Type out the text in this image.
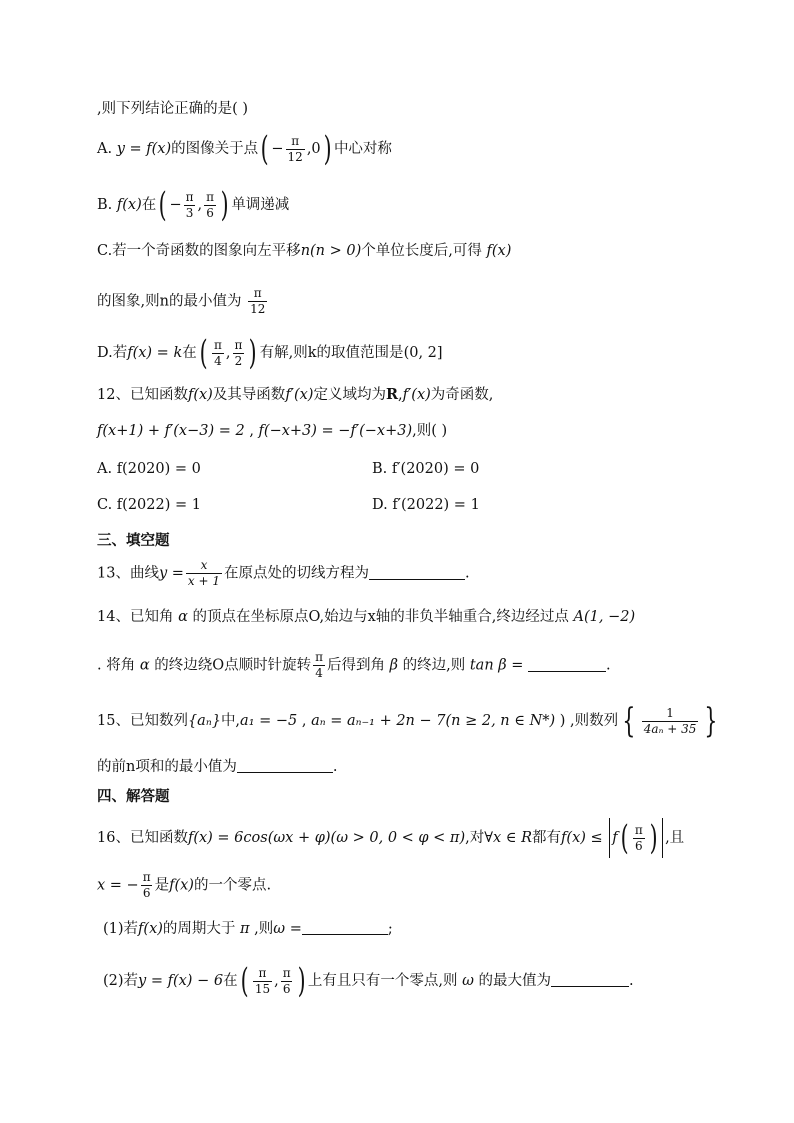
,则下列结论正确的是( )
A. y = f(x)的图像关于点( − $\frac{\pi}{12} ,0$) 中心对称
B. f(x)在( − $\frac{\pi}{3}$ , $\frac{\pi}{6}$ ) 单调递减
C.若一个奇函数的图象向左平移n(n > 0)个单位长度后,可得 f(x)
的图象,则n的最小值为 $\frac{\pi}{12}$
D.若f(x) = k在( $\frac{\pi}{4}$ , $\frac{\pi}{2}$ ) 有解,则k的取值范围是(0, 2]
12、已知函数f(x)及其导函数f′(x)定义域均为R,f′(x)为奇函数,
f(x+1) + f′(x−3) = 2 , f(−x+3) = −f′(−x+3),则( )
A. f(2020) = 0	B. f′(2020) = 0
C. f(2022) = 1	D. f′(2022) = 1
三、填空题
13、曲线$y = \frac{x}{x + 1}$ 在原点处的切线方程为	.
14、已知角 α 的顶点在坐标原点O,始边与x轴的非负半轴重合,终边经过点 A(1, −2)
. 将角 α 的终边绕O点顺时针旋转 $\frac{\pi}{4}$ 后得到角 β 的终边,则 tan β =	.
15、已知数列{aₙ}中,a₁ = −5 , aₙ = aₙ₋₁ + 2n − 7(n ≥ 2, n ∈ N*) ) ,则数列 { $\frac{1}{\text{4aₙ + 35}}$ }
的前n项和的最小值为	.
四、解答题
16、已知函数f(x) = 6cos(ωx + φ)(ω > 0, 0 < φ < π),对∀x ∈ R都有$f(x) \le f( \frac{\pi}{6}$ ) ,且
x = − $\frac{\pi}{6}$ 是f(x)的一个零点.
(1)若f(x)的周期大于 π ,则ω =	;
(2)若y = f(x) − 6在( $\frac{\pi}{15}$ , $\frac{\pi}{6}$ ) 上有且只有一个零点,则 ω 的最大值为	.
